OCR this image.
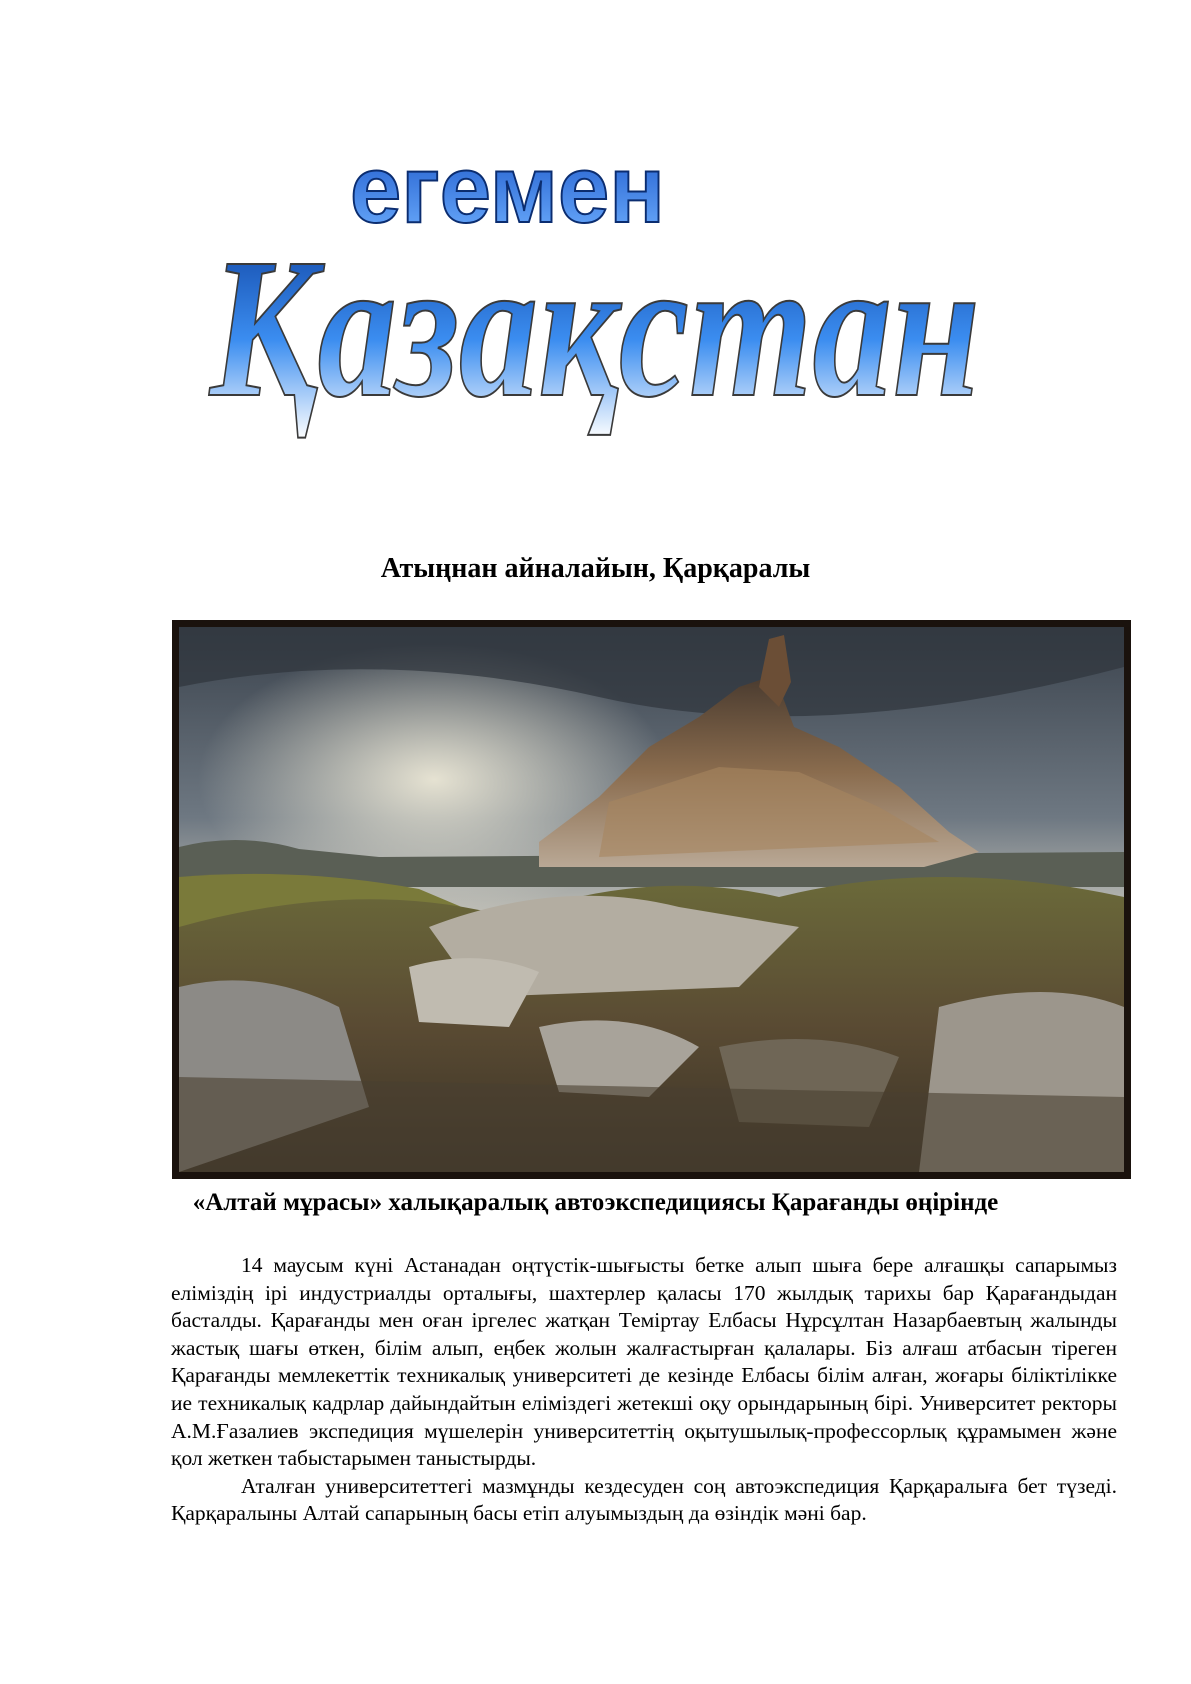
егемен
Қазақстан
Қазақстан
Атыңнан айналайын, Қарқаралы
«Алтай мұрасы» халықаралық автоэкспедициясы Қарағанды өңірінде

14 маусым күні Астанадан оңтүстік-шығысты бетке алып шыға бере алғашқы сапарымыз еліміздің ірі индустриалды орталығы, шахтерлер қаласы 170 жылдық тарихы бар Қарағандыдан басталды. Қарағанды мен оған іргелес жатқан Теміртау Елбасы Нұрсұлтан Назарбаевтың жалынды жастық шағы өткен, білім алып, еңбек жолын жалғастырған қалалары. Біз алғаш атбасын тіреген Қарағанды мемлекеттік техникалық университеті де кезінде Елбасы білім алған, жоғары біліктілікке ие техникалық кадрлар дайындайтын еліміздегі жетекші оқу орындарының бірі. Университет ректоры А.М.Ғазалиев экспедиция мүшелерін университеттің оқытушылық-профессорлық құрамымен және қол жеткен табыстарымен таныстырды.

Аталған университеттегі мазмұнды кездесуден соң автоэкспедиция Қарқаралыға бет түзеді. Қарқаралыны Алтай сапарының басы етіп алуымыздың да өзіндік мәні бар.
